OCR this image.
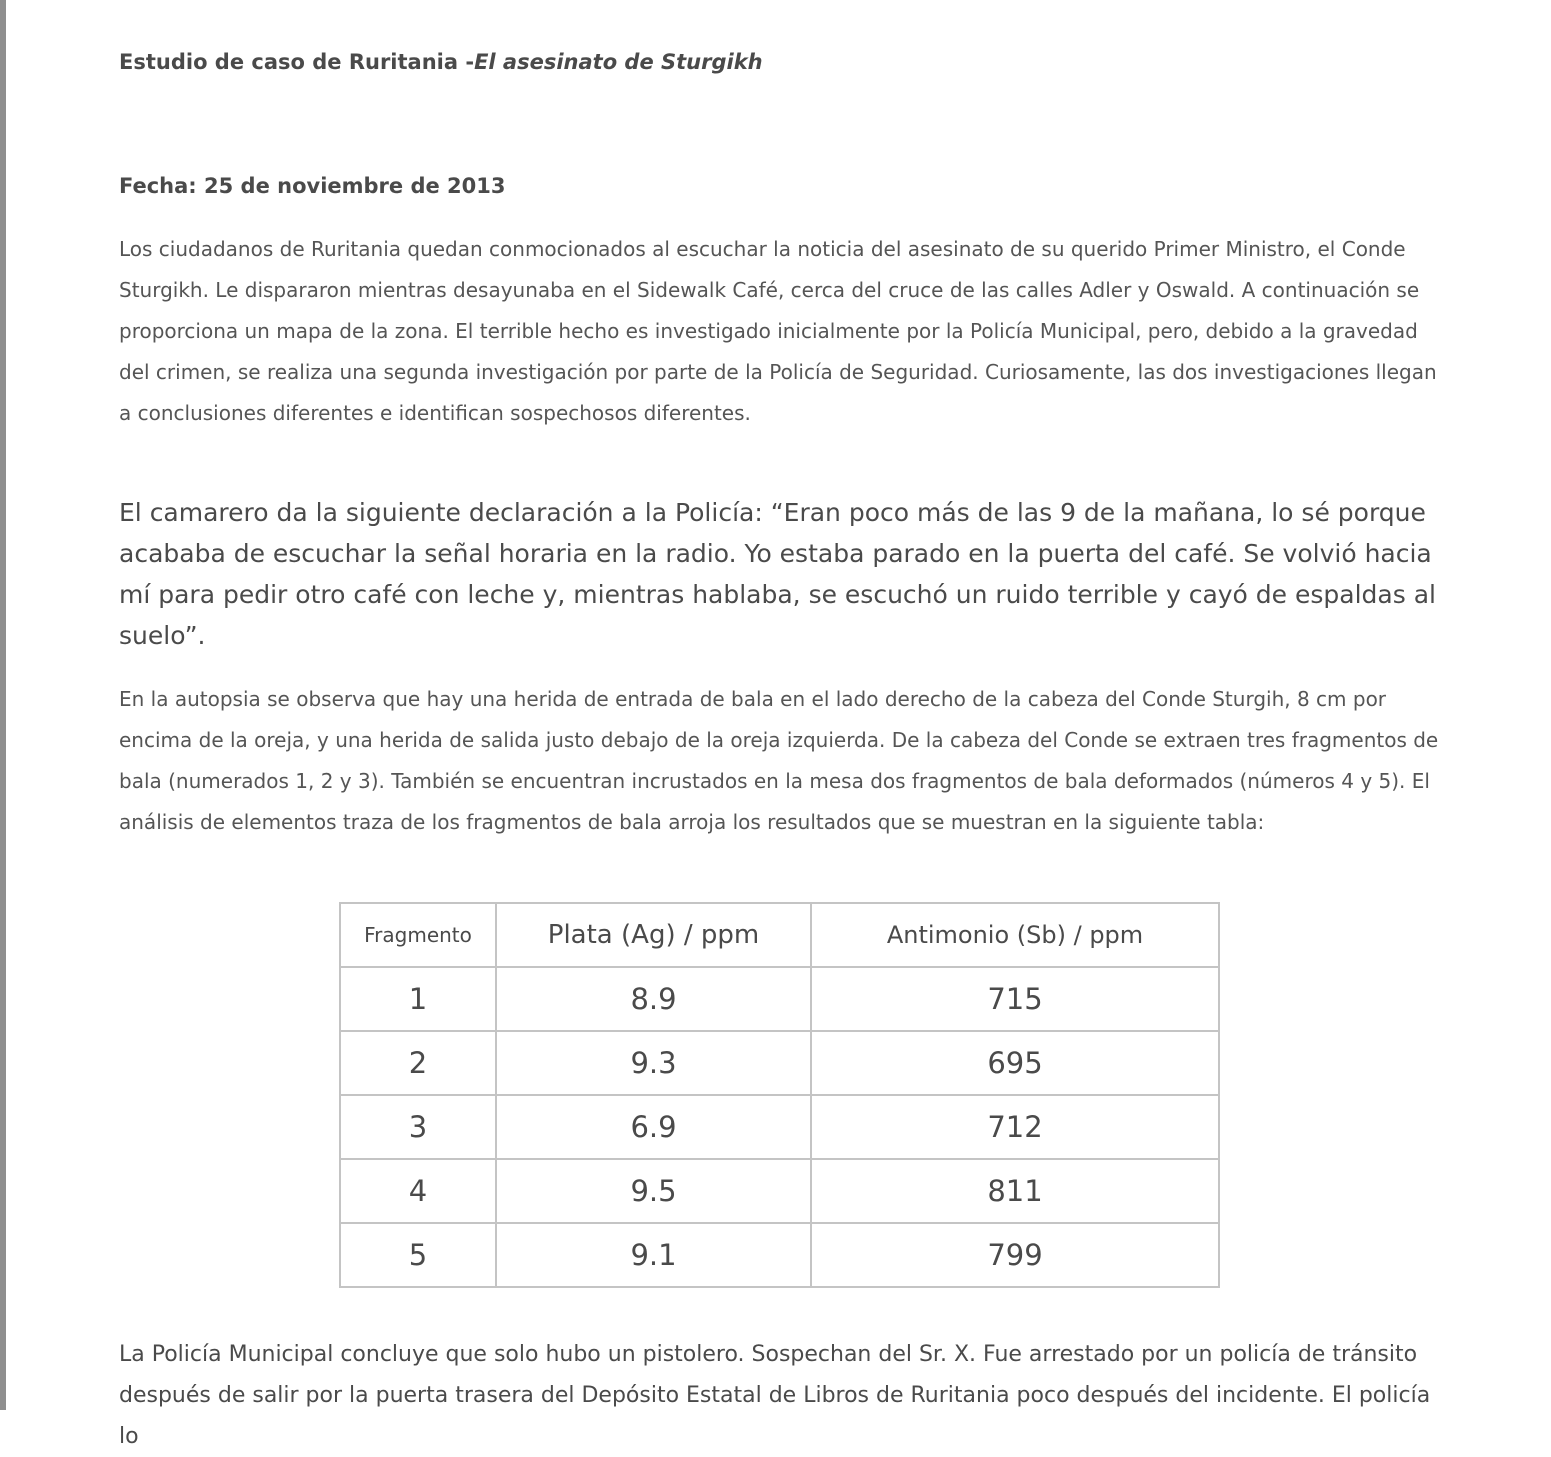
Estudio de caso de Ruritania -El asesinato de Sturgikh
Fecha: 25 de noviembre de 2013
Los ciudadanos de Ruritania quedan conmocionados al escuchar la noticia del asesinato de su querido Primer Ministro, el Conde Sturgikh. Le dispararon mientras desayunaba en el Sidewalk Café, cerca del cruce de las calles Adler y Oswald. A continuación se proporciona un mapa de la zona. El terrible hecho es investigado inicialmente por la Policía Municipal, pero, debido a la gravedad del crimen, se realiza una segunda investigación por parte de la Policía de Seguridad. Curiosamente, las dos investigaciones llegan a conclusiones diferentes e identifican sospechosos diferentes.
El camarero da la siguiente declaración a la Policía: “Eran poco más de las 9 de la mañana, lo sé porque acababa de escuchar la señal horaria en la radio. Yo estaba parado en la puerta del café. Se volvió hacia mí para pedir otro café con leche y, mientras hablaba, se escuchó un ruido terrible y cayó de espaldas al suelo”.
En la autopsia se observa que hay una herida de entrada de bala en el lado derecho de la cabeza del Conde Sturgih, 8 cm por encima de la oreja, y una herida de salida justo debajo de la oreja izquierda. De la cabeza del Conde se extraen tres fragmentos de bala (numerados 1, 2 y 3). También se encuentran incrustados en la mesa dos fragmentos de bala deformados (números 4 y 5). El análisis de elementos traza de los fragmentos de bala arroja los resultados que se muestran en la siguiente tabla:
La Policía Municipal concluye que solo hubo un pistolero. Sospechan del Sr. X. Fue arrestado por un policía de tránsito después de salir por la puerta trasera del Depósito Estatal de Libros de Ruritania poco después del incidente. El policía lo
Fragmento	Plata (Ag) / ppm	Antimonio (Sb) / ppm
1	8.9	715
2	9.3	695
3	6.9	712
4	9.5	811
5	9.1	799
